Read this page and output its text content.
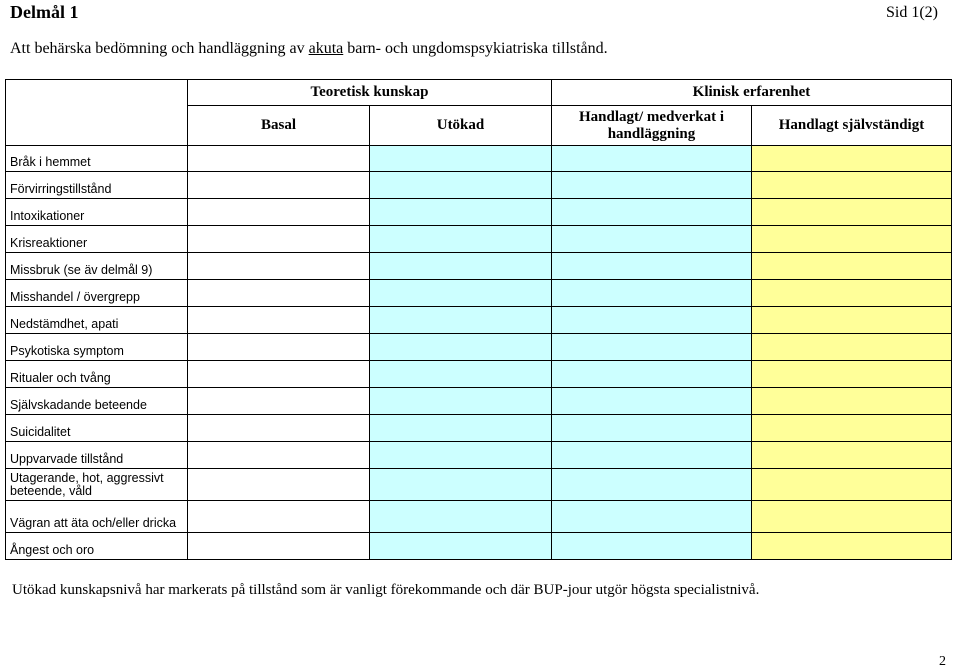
Delmål 1	Sid 1(2)
Att behärska bedömning och handläggning av akuta barn- och ungdomspsykiatriska tillstånd.
	Teoretisk kunskap		Klinisk erfarenhet	
	Basal	Utökad	Handlagt/ medverkat i handläggning	Handlagt självständigt
Bråk i hemmet				
Förvirringstillstånd				
Intoxikationer				
Krisreaktioner				
Missbruk (se äv delmål 9)				
Misshandel / övergrepp				
Nedstämdhet, apati				
Psykotiska symptom				
Ritualer och tvång				
Självskadande beteende				
Suicidalitet				
Uppvarvade tillstånd				
Utagerande, hot, aggressivt beteende, våld				
Vägran att äta och/eller dricka				
Ångest och oro				
Utökad kunskapsnivå har markerats på tillstånd som är vanligt förekommande och där BUP-jour utgör högsta specialistnivå.
2
